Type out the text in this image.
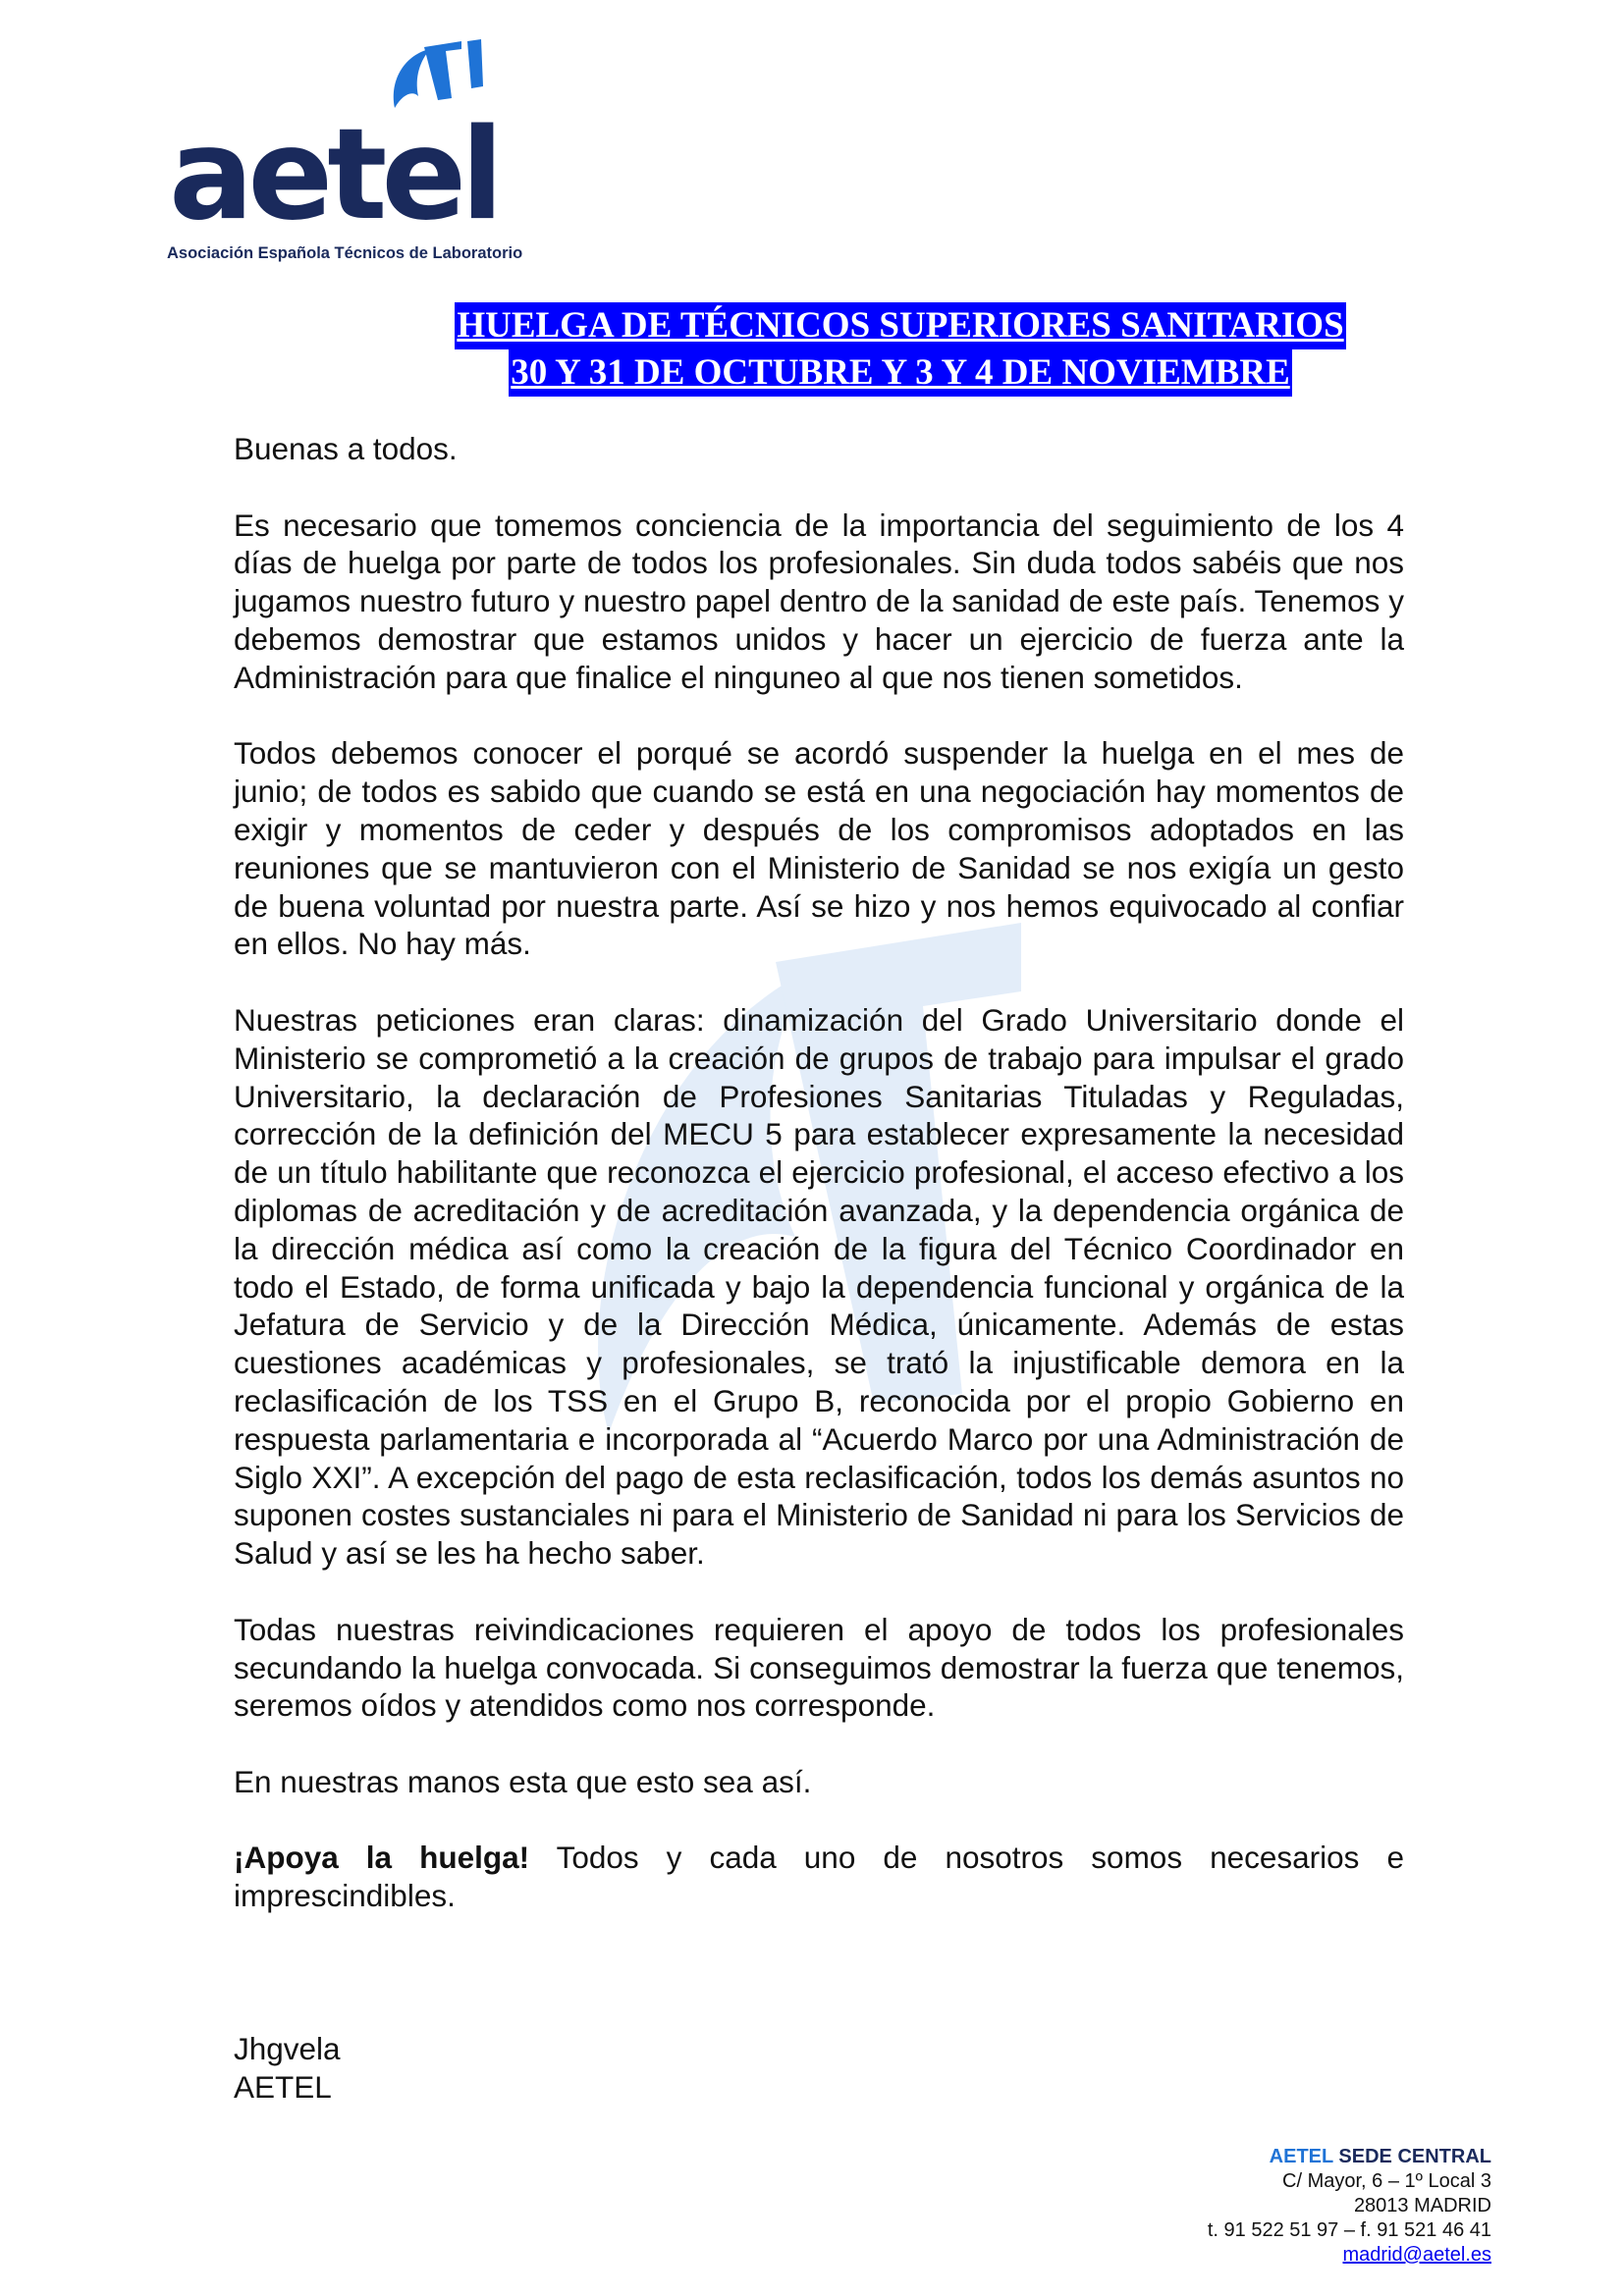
aetel
Asociación Española Técnicos de Laboratorio
HUELGA DE TÉCNICOS SUPERIORES SANITARIOS
30 Y 31 DE OCTUBRE Y 3 Y 4 DE NOVIEMBRE

Buenas a todos.

Es necesario que tomemos conciencia de la importancia del seguimiento de los 4 días de huelga por parte de todos los profesionales. Sin duda todos sabéis que nos jugamos nuestro futuro y nuestro papel dentro de la sanidad de este país. Tenemos y debemos demostrar que estamos unidos y hacer un ejercicio de fuerza ante la Administración para que finalice el ninguneo al que nos tienen sometidos.

Todos debemos conocer el porqué se acordó suspender la huelga en el mes de junio; de todos es sabido que cuando se está en una negociación hay momentos de exigir y momentos de ceder y después de los compromisos adoptados en las reuniones que se mantuvieron con el Ministerio de Sanidad se nos exigía un gesto de buena voluntad por nuestra parte. Así se hizo y nos hemos equivocado al confiar en ellos. No hay más.

Nuestras peticiones eran claras: dinamización del Grado Universitario donde el Ministerio se comprometió a la creación de grupos de trabajo para impulsar el grado Universitario, la declaración de Profesiones Sanitarias Tituladas y Reguladas, corrección de la definición del MECU 5 para establecer expresamente la necesidad de un título habilitante que reconozca el ejercicio profesional, el acceso efectivo a los diplomas de acreditación y de acreditación avanzada, y la dependencia orgánica de la dirección médica así como la creación de la figura del Técnico Coordinador en todo el Estado, de forma unificada y bajo la dependencia funcional y orgánica de la Jefatura de Servicio y de la Dirección Médica, únicamente. Además de estas cuestiones académicas y profesionales, se trató la injustificable demora en la reclasificación de los TSS en el Grupo B, reconocida por el propio Gobierno en respuesta parlamentaria e incorporada al “Acuerdo Marco por una Administración de Siglo XXI”. A excepción del pago de esta reclasificación, todos los demás asuntos no suponen costes sustanciales ni para el Ministerio de Sanidad ni para los Servicios de Salud y así se les ha hecho saber.

Todas nuestras reivindicaciones requieren el apoyo de todos los profesionales secundando la huelga convocada. Si conseguimos demostrar la fuerza que tenemos, seremos oídos y atendidos como nos corresponde.

En nuestras manos esta que esto sea así.

¡Apoya la huelga! Todos y cada uno de nosotros somos necesarios e imprescindibles.

Jhgvela
AETEL
AETEL SEDE CENTRAL
C/ Mayor, 6 – 1º Local 3
28013 MADRID
t. 91 522 51 97 – f. 91 521 46 41
madrid@aetel.es
